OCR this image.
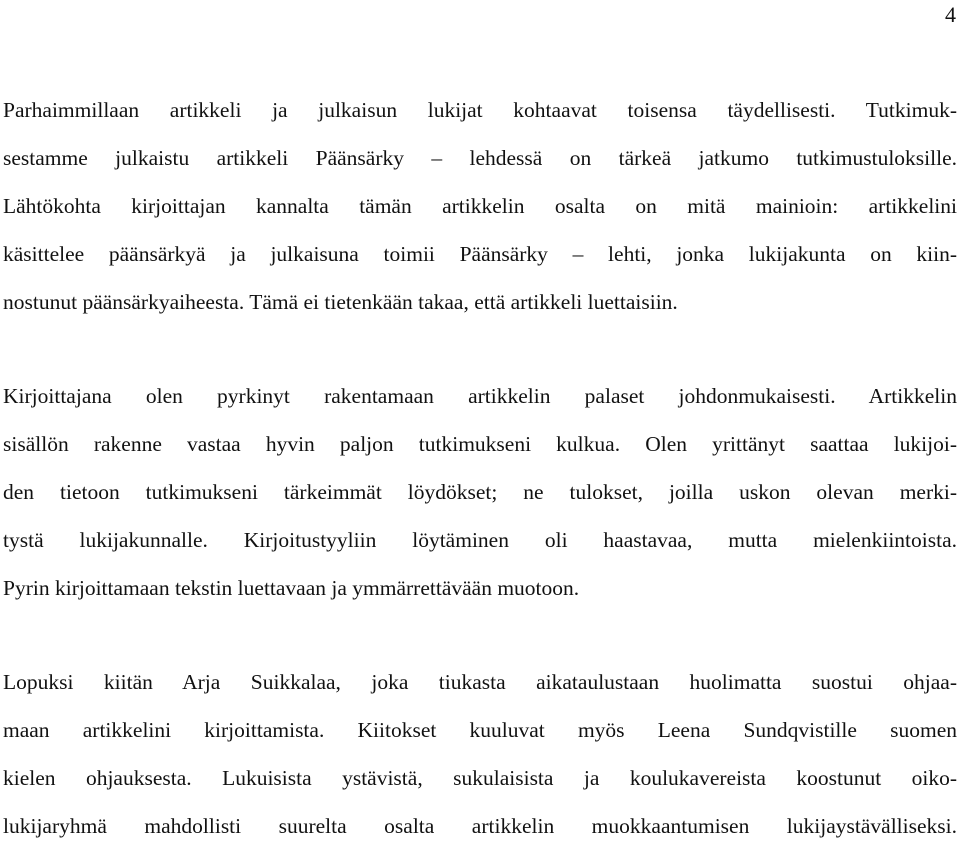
4

Parhaimmillaan artikkeli ja julkaisun lukijat kohtaavat toisensa täydellisesti. Tutkimuk-
sestamme julkaistu artikkeli Päänsärky – lehdessä on tärkeä jatkumo tutkimustuloksille.
Lähtökohta kirjoittajan kannalta tämän artikkelin osalta on mitä mainioin: artikkelini
käsittelee päänsärkyä ja julkaisuna toimii Päänsärky – lehti, jonka lukijakunta on kiin-
nostunut päänsärkyaiheesta. Tämä ei tietenkään takaa, että artikkeli luettaisiin.

Kirjoittajana olen pyrkinyt rakentamaan artikkelin palaset johdonmukaisesti. Artikkelin
sisällön rakenne vastaa hyvin paljon tutkimukseni kulkua. Olen yrittänyt saattaa lukijoi-
den tietoon tutkimukseni tärkeimmät löydökset; ne tulokset, joilla uskon olevan merki-
tystä lukijakunnalle. Kirjoitustyyliin löytäminen oli haastavaa, mutta mielenkiintoista.
Pyrin kirjoittamaan tekstin luettavaan ja ymmärrettävään muotoon.

Lopuksi kiitän Arja Suikkalaa, joka tiukasta aikataulustaan huolimatta suostui ohjaa-
maan artikkelini kirjoittamista. Kiitokset kuuluvat myös Leena Sundqvistille suomen
kielen ohjauksesta. Lukuisista ystävistä, sukulaisista ja koulukavereista koostunut oiko-
lukijaryhmä mahdollisti suurelta osalta artikkelin muokkaantumisen lukijaystävälliseksi.
